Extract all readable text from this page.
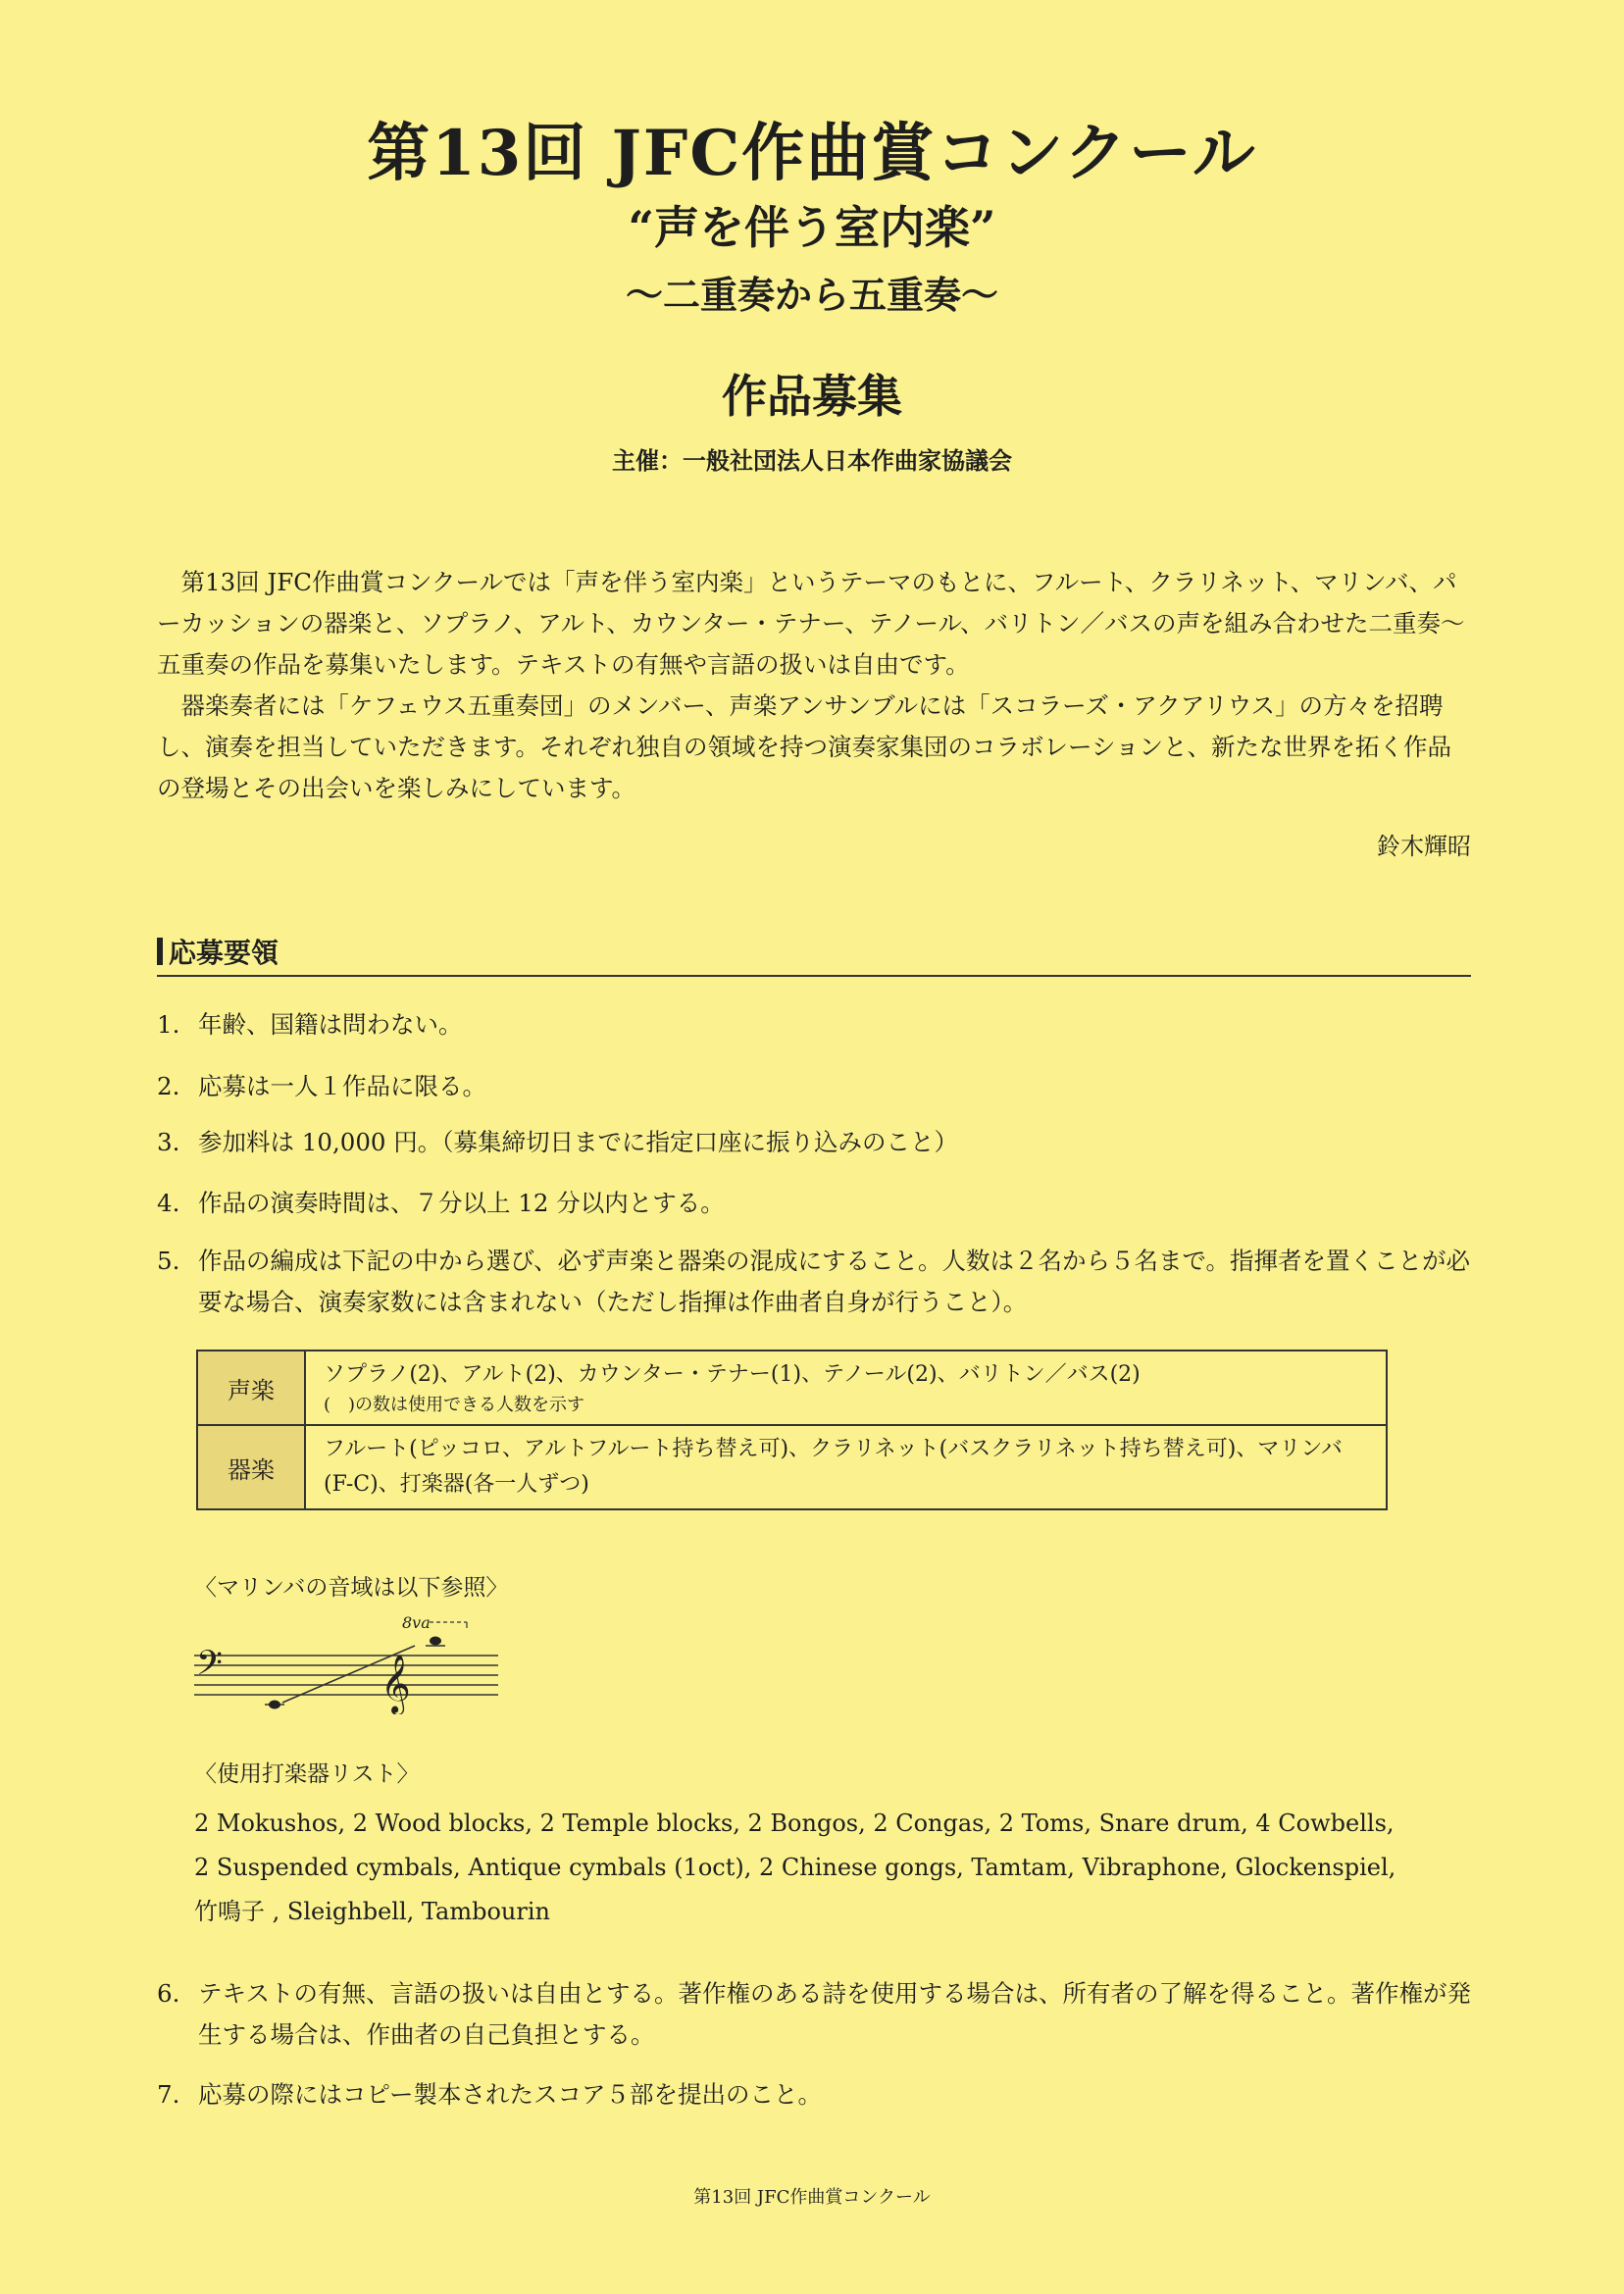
第13回 JFC作曲賞コンクール
“声を伴う室内楽”
～二重奏から五重奏～
作品募集
主催：一般社団法人日本作曲家協議会

第13回 JFC作曲賞コンクールでは「声を伴う室内楽」というテーマのもとに、フルート、クラリネット、マリンバ、パーカッションの器楽と、ソプラノ、アルト、カウンター・テナー、テノール、バリトン／バスの声を組み合わせた二重奏～五重奏の作品を募集いたします。テキストの有無や言語の扱いは自由です。

器楽奏者には「ケフェウス五重奏団」のメンバー、声楽アンサンブルには「スコラーズ・アクアリウス」の方々を招聘し、演奏を担当していただきます。それぞれ独自の領域を持つ演奏家集団のコラボレーションと、新たな世界を拓く作品の登場とその出会いを楽しみにしています。

鈴木輝昭
応募要領
1. 年齢、国籍は問わない。
2. 応募は一人１作品に限る。
3. 参加料は 10,000 円。（募集締切日までに指定口座に振り込みのこと）
4. 作品の演奏時間は、７分以上 12 分以内とする。
5. 作品の編成は下記の中から選び、必ず声楽と器楽の混成にすること。人数は２名から５名まで。指揮者を置くことが必要な場合、演奏家数には含まれない（ただし指揮は作曲者自身が行うこと）。
声楽	ソプラノ(2)、アルト(2)、カウンター・テナー(1)、テノール(2)、バリトン／バス(2)
(　)の数は使用できる人数を示す

器楽	フルート(ピッコロ、アルトフルート持ち替え可)、クラリネット(バスクラリネット持ち替え可)、マリンバ(F-C)、打楽器(各一人ずつ)
〈マリンバの音域は以下参照〉
𝄢	𝄞
8va
〈使用打楽器リスト〉
2 Mokushos, 2 Wood blocks, 2 Temple blocks, 2 Bongos, 2 Congas, 2 Toms, Snare drum, 4 Cowbells, 2 Suspended cymbals, Antique cymbals (1oct), 2 Chinese gongs, Tamtam, Vibraphone, Glockenspiel, 竹鳴子 , Sleighbell, Tambourin
6. テキストの有無、言語の扱いは自由とする。著作権のある詩を使用する場合は、所有者の了解を得ること。著作権が発生する場合は、作曲者の自己負担とする。
7. 応募の際にはコピー製本されたスコア５部を提出のこと。
第13回 JFC作曲賞コンクール
